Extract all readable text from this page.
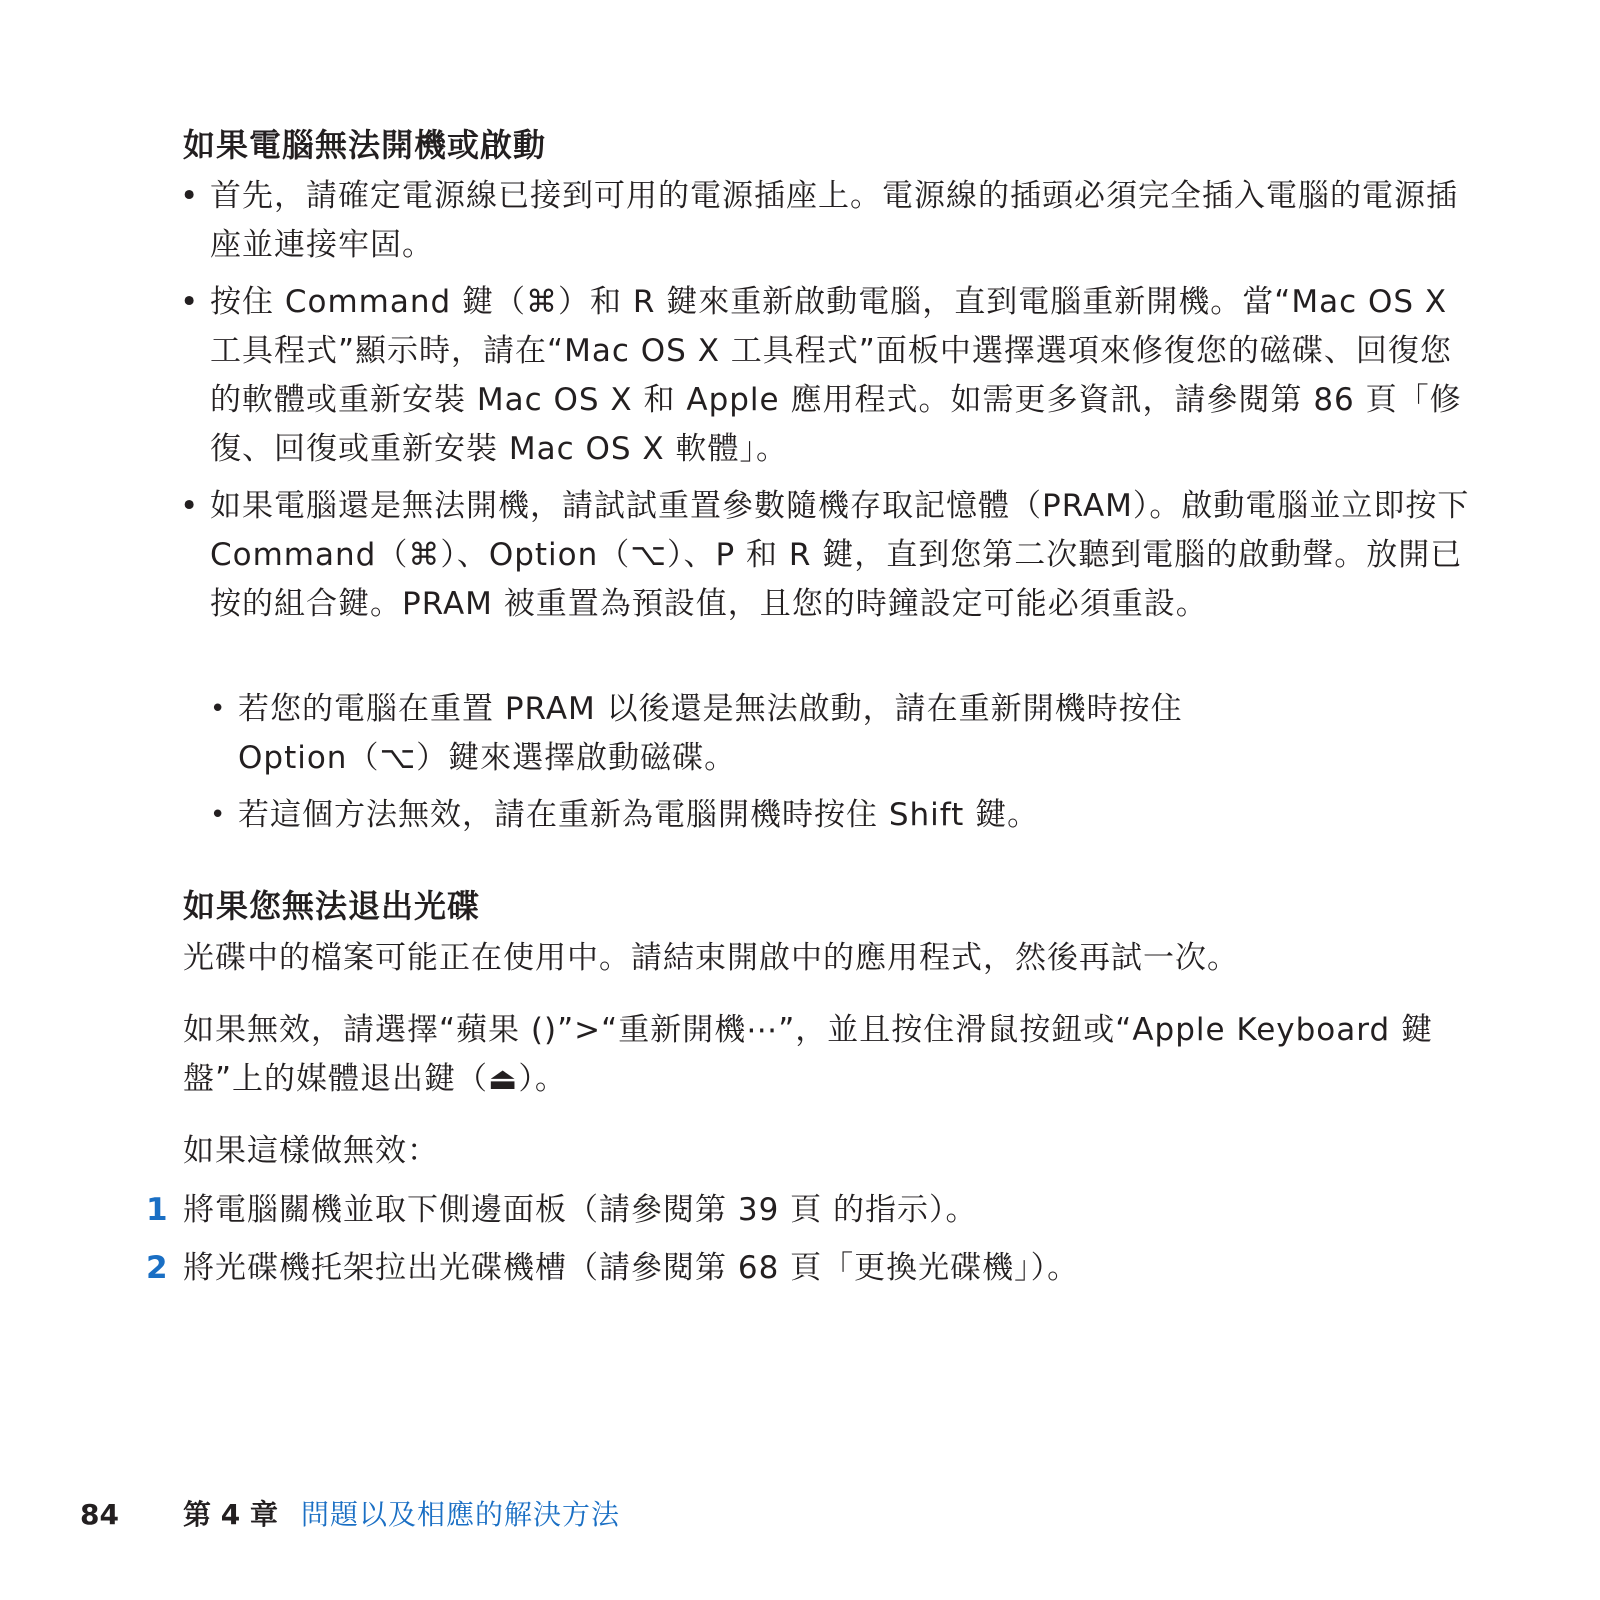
如果電腦無法開機或啟動
• 首先，請確定電源線已接到可用的電源插座上。電源線的插頭必須完全插入電腦的電源插座並連接牢固。

• 按住 Command 鍵（⌘）和 R 鍵來重新啟動電腦，直到電腦重新開機。當“Mac OS X 工具程式”顯示時，請在“Mac OS X 工具程式”面板中選擇選項來修復您的磁碟、回復您的軟體或重新安裝 Mac OS X 和 Apple 應用程式。如需更多資訊，請參閱第 86 頁「修復、回復或重新安裝 Mac OS X 軟體」。

• 如果電腦還是無法開機，請試試重置參數隨機存取記憶體（PRAM）。啟動電腦並立即按下 Command（⌘）、Option（⌥）、P 和 R 鍵，直到您第二次聽到電腦的啟動聲。放開已按的組合鍵。PRAM 被重置為預設值，且您的時鐘設定可能必須重設。

• 若您的電腦在重置 PRAM 以後還是無法啟動，請在重新開機時按住 Option（⌥）鍵來選擇啟動磁碟。

• 若這個方法無效，請在重新為電腦開機時按住 Shift 鍵。

如果您無法退出光碟

光碟中的檔案可能正在使用中。請結束開啟中的應用程式，然後再試一次。

如果無效，請選擇“蘋果 ()”>“重新開機⋯”，並且按住滑鼠按鈕或“Apple Keyboard 鍵盤”上的媒體退出鍵（⏏）。

如果這樣做無效：

1 將電腦關機並取下側邊面板（請參閱第 39 頁 的指示）。

2 將光碟機托架拉出光碟機槽（請參閱第 68 頁「更換光碟機」）。

84 第 4 章 問題以及相應的解決方法
